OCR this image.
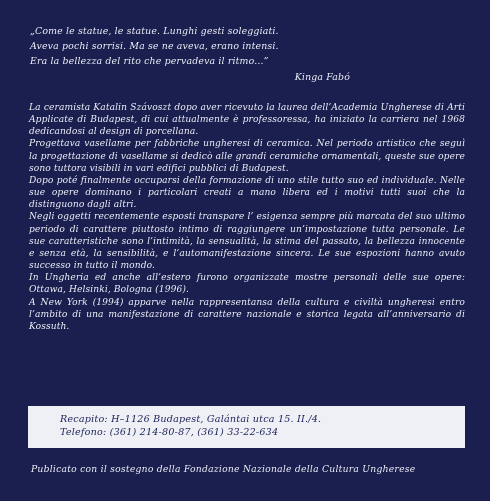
„Come le statue, le statue. Lunghi gesti soleggiati.
Aveva pochi sorrisi. Ma se ne aveva, erano intensi.
Era la bellezza del rito che pervadeva il ritmo...”
Kinga Fabó

La ceramista Katalin Szávoszt dopo aver ricevuto la laurea dell’Academia Ungherese di Arti Applicate di Budapest, di cui attualmente è professoressa, ha iniziato la carriera nel 1968 dedicandosi al design di porcellana.

Progettava vasellame per fabbriche ungheresi di ceramica. Nel periodo artistico che seguì la progettazione di vasellame si dedicò alle grandi ceramiche ornamentali, queste sue opere sono tuttora visibili in vari edifici pubblici di Budapest.

Dopo poté finalmente occuparsi della formazione di uno stile tutto suo ed individuale. Nelle sue opere dominano i particolari creati a mano libera ed i motivi tutti suoi che la distinguono dagli altri.

Negli oggetti recentemente esposti transpare l’ esigenza sempre più marcata del suo ultimo periodo di carattere piuttosto intimo di raggiungere un’impostazione tutta personale. Le sue caratteristiche sono l’intimità, la sensualità, la stima del passato, la bellezza innocente e senza età, la sensibilità, e l’automanifestazione sincera. Le sue espozioni hanno avuto successo in tutto il mondo.

In Ungheria ed anche all’estero furono organizzate mostre personali delle sue opere: Ottawa, Helsinki, Bologna (1996).

A New York (1994) apparve nella rappresentansa della cultura e civiltà ungheresi entro l’ambito di una manifestazione di carattere nazionale e storica legata all’anniversario di Kossuth.

Recapito: H–1126 Budapest, Galántai utca 15. II./4.
Telefono: (361) 214-80-87, (361) 33-22-634
Publicato con il sostegno della Fondazione Nazionale della Cultura Ungherese
